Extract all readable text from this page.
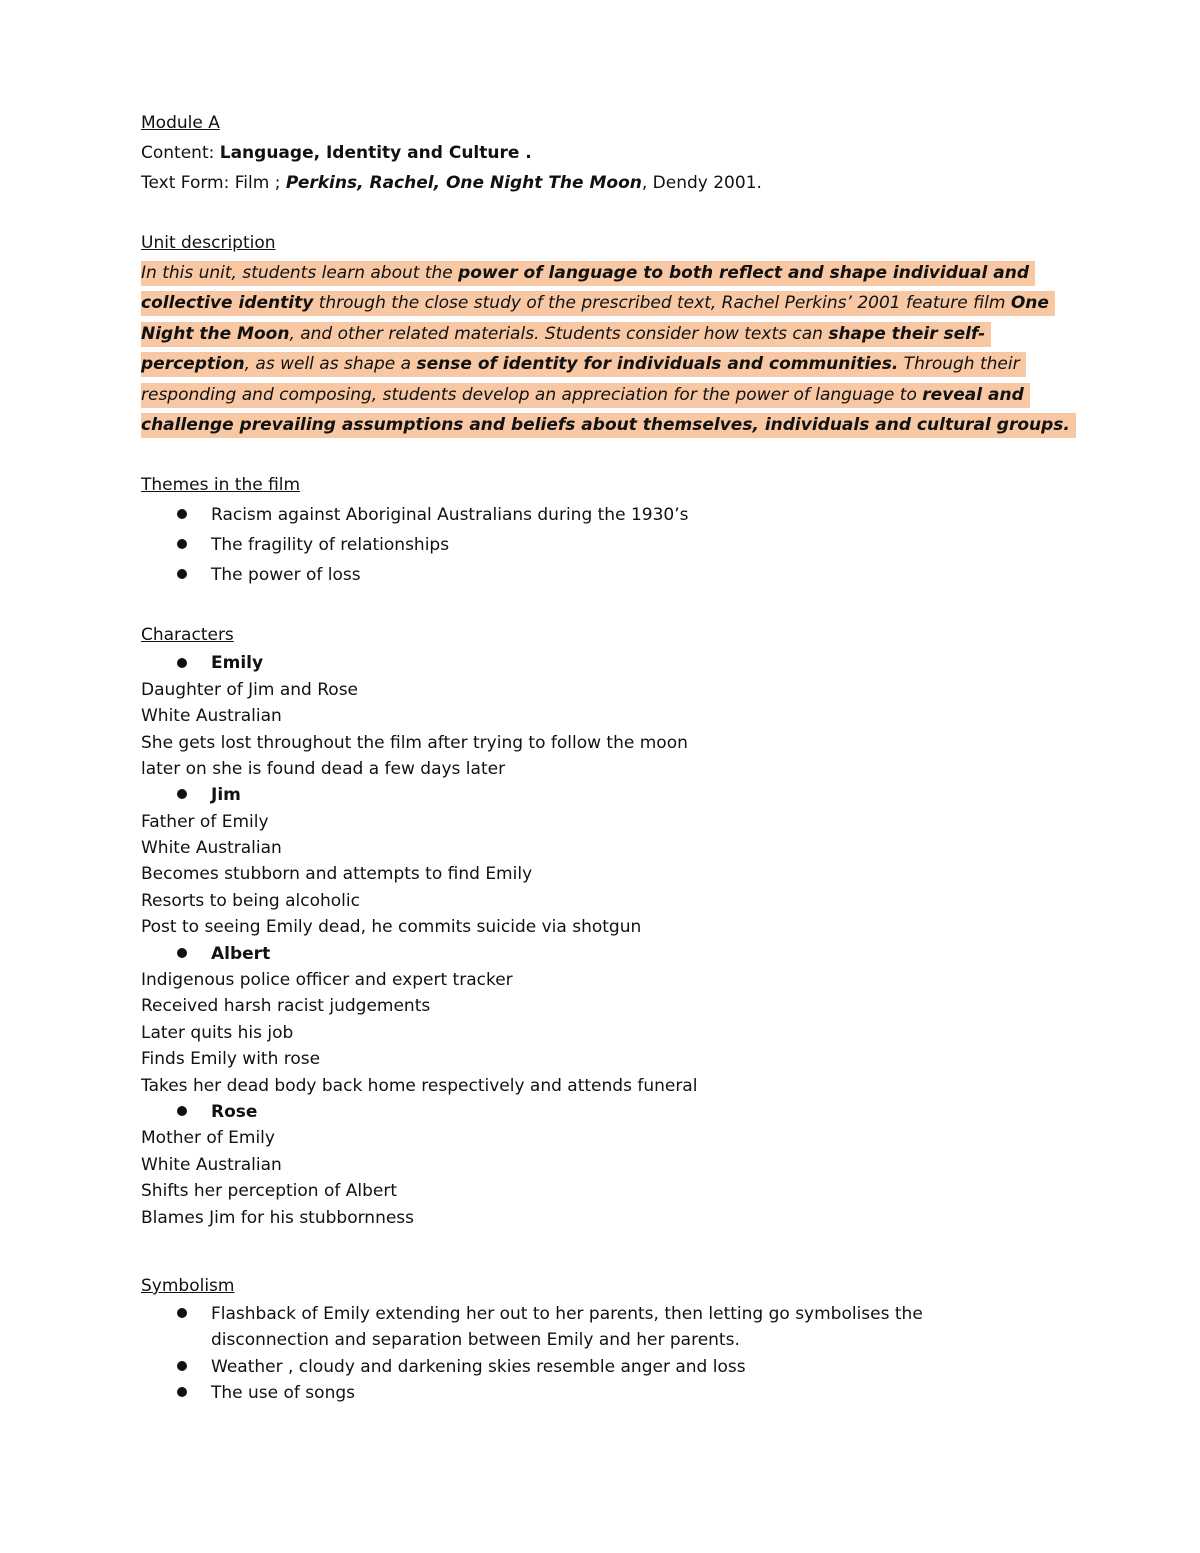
Module A
Content: Language, Identity and Culture .
Text Form: Film ; Perkins, Rachel, One Night The Moon, Dendy 2001.
Unit description
In this unit, students learn about the power of language to both reflect and shape individual and
collective identity through the close study of the prescribed text, Rachel Perkins’ 2001 feature film One
Night the Moon, and other related materials. Students consider how texts can shape their self-
perception, as well as shape a sense of identity for individuals and communities. Through their
responding and composing, students develop an appreciation for the power of language to reveal and
challenge prevailing assumptions and beliefs about themselves, individuals and cultural groups.
Themes in the film
Racism against Aboriginal Australians during the 1930’s
The fragility of relationships
The power of loss
Characters
Emily
Daughter of Jim and Rose
White Australian
She gets lost throughout the film after trying to follow the moon
later on she is found dead a few days later
Jim
Father of Emily
White Australian
Becomes stubborn and attempts to find Emily
Resorts to being alcoholic
Post to seeing Emily dead, he commits suicide via shotgun
Albert
Indigenous police officer and expert tracker
Received harsh racist judgements
Later quits his job
Finds Emily with rose
Takes her dead body back home respectively and attends funeral
Rose
Mother of Emily
White Australian
Shifts her perception of Albert
Blames Jim for his stubbornness
Symbolism
Flashback of Emily extending her out to her parents, then letting go symbolises the
disconnection and separation between Emily and her parents.
Weather , cloudy and darkening skies resemble anger and loss
The use of songs
